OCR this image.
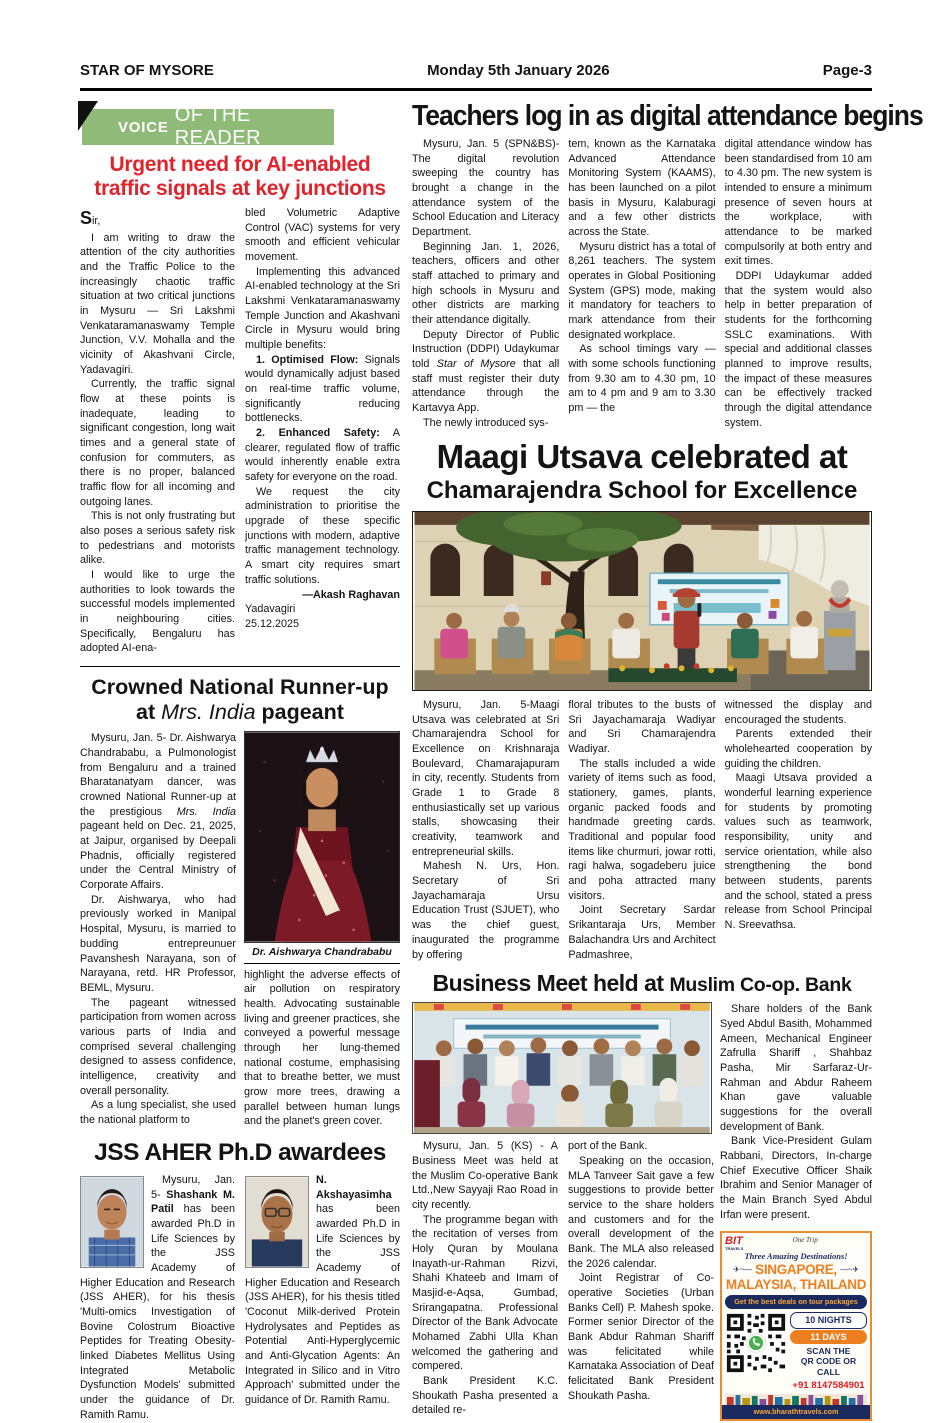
STAR OF MYSORE	Monday 5th January 2026	Page-3
VOICE
OF THE READER
Urgent need for AI-enabled
traffic signals at key junctions

Sir,

I am writing to draw the attention of the city authorities and the Traffic Police to the increasingly chaotic traffic situation at two critical junctions in Mysuru — Sri Lakshmi Venkataramanaswamy Temple Junction, V.V. Mohalla and the vicinity of Akashvani Circle, Yadavagiri.

Currently, the traffic signal flow at these points is inadequate, leading to significant congestion, long wait times and a general state of confusion for commuters, as there is no proper, balanced traffic flow for all incoming and outgoing lanes.

This is not only frustrating but also poses a serious safety risk to pedestrians and motorists alike.

I would like to urge the authorities to look towards the successful models implemented in neighbouring cities. Specifically, Bengaluru has adopted AI-ena-

bled Volumetric Adaptive Control (VAC) systems for very smooth and efficient vehicular movement.

Implementing this advanced AI-enabled technology at the Sri Lakshmi Venkataramanaswamy Temple Junction and Akashvani Circle in Mysuru would bring multiple benefits:

1. Optimised Flow: Signals would dynamically adjust based on real-time traffic volume, significantly reducing bottlenecks.

2. Enhanced Safety: A clearer, regulated flow of traffic would inherently enable extra safety for everyone on the road.

We request the city administration to prioritise the upgrade of these specific junctions with modern, adaptive traffic management technology. A smart city requires smart traffic solutions.

—Akash Raghavan

Yadavagiri

25.12.2025

Crowned National Runner-up
at Mrs. India pageant

Mysuru, Jan. 5- Dr. Aishwarya Chandrababu, a Pulmonologist from Bengaluru and a trained Bharatanatyam dancer, was crowned National Runner-up at the prestigious Mrs. India pageant held on Dec. 21, 2025, at Jaipur, organised by Deepali Phadnis, officially registered under the Central Ministry of Corporate Affairs.

Dr. Aishwarya, who had previously worked in Manipal Hospital, Mysuru, is married to budding entrepreunuer Pavanshesh Narayana, son of Narayana, retd. HR Professor, BEML, Mysuru.

The pageant witnessed participation from women across various parts of India and comprised several challenging designed to assess confidence, intelligence, creativity and overall personality.

As a lung specialist, she used the national platform to

Dr. Aishwarya Chandrababu

highlight the adverse effects of air pollution on respiratory health. Advocating sustainable living and greener practices, she conveyed a powerful message through her lung-themed national costume, emphasising that to breathe better, we must grow more trees, drawing a parallel between human lungs and the planet's green cover.

JSS AHER Ph.D awardees

Mysuru, Jan. 5- Shashank M. Patil has been awarded Ph.D in Life Sciences by the JSS Academy of Higher Education and Research (JSS AHER), for his thesis 'Multi-omics Investigation of Bovine Colostrum Bioactive Peptides for Treating Obesity-linked Diabetes Mellitus Using Integrated Metabolic Dysfunction Models' submitted under the guidance of Dr. Ramith Ramu.

N. Akshayasimha has been awarded Ph.D in Life Sciences by the JSS Academy of Higher Education and Research (JSS AHER), for his thesis titled 'Coconut Milk-derived Protein Hydrolysates and Peptides as Potential Anti-Hyperglycemic and Anti-Glycation Agents: An Integrated in Silico and in Vitro Approach' submitted under the guidance of Dr. Ramith Ramu.

Teachers log in as digital attendance begins

Mysuru, Jan. 5 (SPN&BS)- The digital revolution sweeping the country has brought a change in the attendance system of the School Education and Literacy Department.

Beginning Jan. 1, 2026, teachers, officers and other staff attached to primary and high schools in Mysuru and other districts are marking their attendance digitally.

Deputy Director of Public Instruction (DDPI) Udaykumar told Star of Mysore that all staff must register their duty attendance through the Kartavya App.

The newly introduced sys-

tem, known as the Karnataka Advanced Attendance Monitoring System (KAAMS), has been launched on a pilot basis in Mysuru, Kalaburagi and a few other districts across the State.

Mysuru district has a total of 8,261 teachers. The system operates in Global Positioning System (GPS) mode, making it mandatory for teachers to mark attendance from their designated workplace.

As school timings vary — with some schools functioning from 9.30 am to 4.30 pm, 10 am to 4 pm and 9 am to 3.30 pm — the

digital attendance window has been standardised from 10 am to 4.30 pm. The new system is intended to ensure a minimum presence of seven hours at the workplace, with attendance to be marked compulsorily at both entry and exit times.

DDPI Udaykumar added that the system would also help in better preparation of students for the forthcoming SSLC examinations. With special and additional classes planned to improve results, the impact of these measures can be effectively tracked through the digital attendance system.

Maagi Utsava celebrated at
Chamarajendra School for Excellence

Mysuru, Jan. 5-Maagi Utsava was celebrated at Sri Chamarajendra School for Excellence on Krishnaraja Boulevard, Chamarajapuram in city, recently. Students from Grade 1 to Grade 8 enthusiastically set up various stalls, showcasing their creativity, teamwork and entrepreneurial skills.

Mahesh N. Urs, Hon. Secretary of Sri Jayachamaraja Ursu Education Trust (SJUET), who was the chief guest, inaugurated the programme by offering

floral tributes to the busts of Sri Jayachamaraja Wadiyar and Sri Chamarajendra Wadiyar.

The stalls included a wide variety of items such as food, stationery, games, plants, organic packed foods and handmade greeting cards. Traditional and popular food items like churmuri, jowar rotti, ragi halwa, sogadeberu juice and poha attracted many visitors.

Joint Secretary Sardar Srikantaraja Urs, Member Balachandra Urs and Architect Padmashree,

witnessed the display and encouraged the students.

Parents extended their wholehearted cooperation by guiding the children.

Maagi Utsava provided a wonderful learning experience for students by promoting values such as teamwork, responsibility, unity and service orientation, while also strengthening the bond between students, parents and the school, stated a press release from School Principal N. Sreevathsa.

Business Meet held at Muslim Co-op. Bank

Mysuru, Jan. 5 (KS) - A Business Meet was held at the Muslim Co-operative Bank Ltd.,New Sayyaji Rao Road in city recently.

The programme began with the recitation of verses from Holy Quran by Moulana Inayath-ur-Rahman Rizvi, Shahi Khateeb and Imam of Masjid-e-Aqsa, Gumbad, Srirangapatna. Professional Director of the Bank Advocate Mohamed Zabhi Ulla Khan welcomed the gathering and compered.

Bank President K.C. Shoukath Pasha presented a detailed re-

port of the Bank.

Speaking on the occasion, MLA Tanveer Sait gave a few suggestions to provide better service to the share holders and customers and for the overall development of the Bank. The MLA also released the 2026 calendar.

Joint Registrar of Co-operative Societies (Urban Banks Cell) P. Mahesh spoke. Former senior Director of the Bank Abdur Rahman Shariff was felicitated while Karnataka Association of Deaf felicitated Bank President Shoukath Pasha.

Share holders of the Bank Syed Abdul Basith, Mohammed Ameen, Mechanical Engineer Zafrulla Shariff , Shahbaz Pasha, Mir Sarfaraz-Ur-Rahman and Abdur Raheem Khan gave valuable suggestions for the overall development of Bank.

Bank Vice-President Gulam Rabbani, Directors, In-charge Chief Executive Officer Shaik Ibrahim and Senior Manager of the Main Branch Syed Abdul Irfan were present.

BIT
TRAVELS
One Trip
Three Amazing Destinations!
✈~— SINGAPORE, —~✈
MALAYSIA, THAILAND
Get the best deals on tour packages
10 NIGHTS
11 DAYS
SCAN THE
QR CODE OR CALL
+91 8147584901
www.bharathtravels.com
